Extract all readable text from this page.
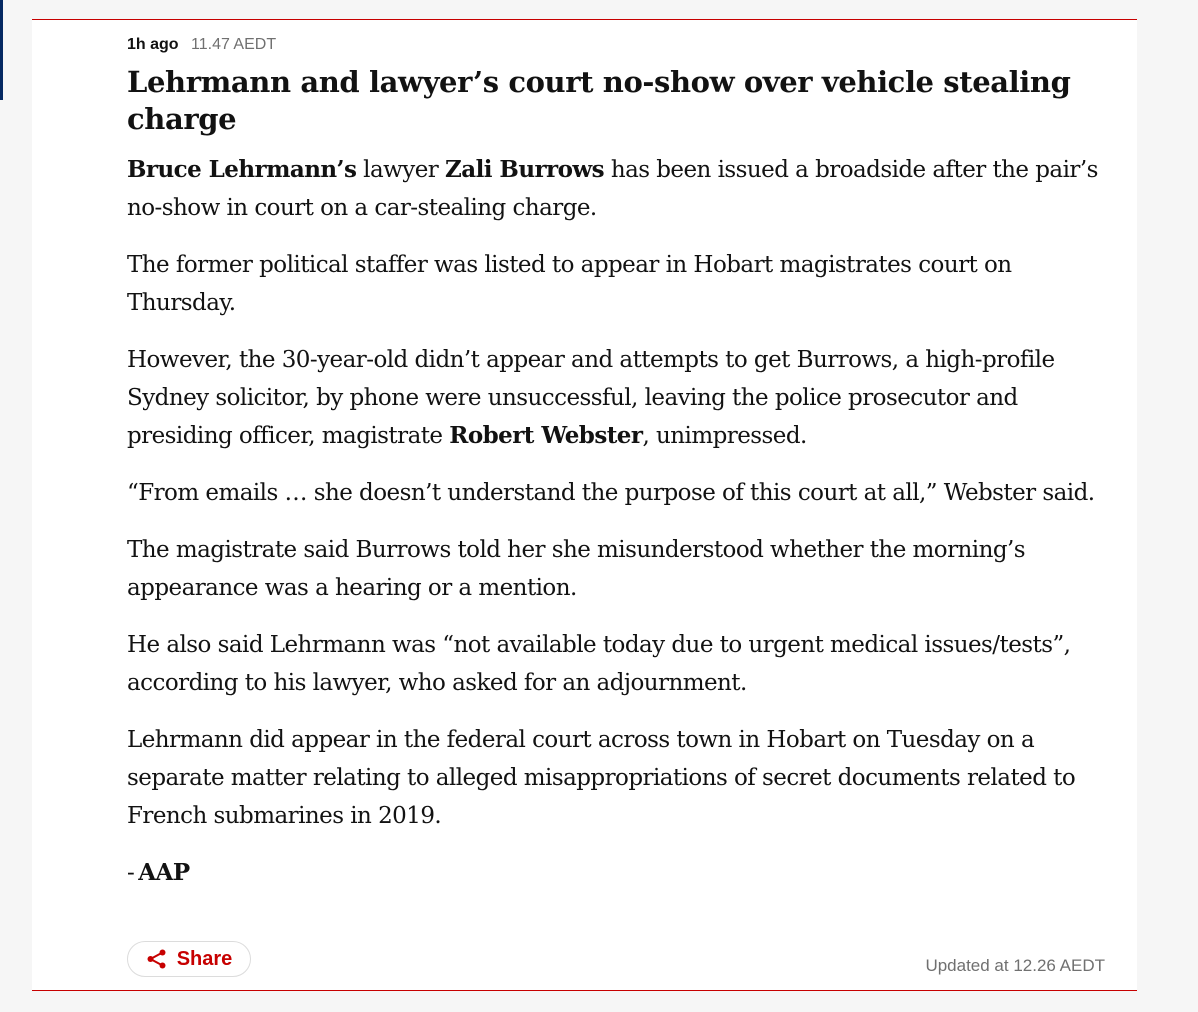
1h ago 11.47 AEDT
Lehrmann and lawyer’s court no-show over vehicle stealing charge

Bruce Lehrmann’s lawyer Zali Burrows has been issued a broadside after the pair’s no-show in court on a car-stealing charge.

The former political staffer was listed to appear in Hobart magistrates court on Thursday.

However, the 30-year-old didn’t appear and attempts to get Burrows, a high-profile Sydney solicitor, by phone were unsuccessful, leaving the police prosecutor and presiding officer, magistrate Robert Webster, unimpressed.

“From emails … she doesn’t understand the purpose of this court at all,” Webster said.

The magistrate said Burrows told her she misunderstood whether the morning’s appearance was a hearing or a mention.

He also said Lehrmann was “not available today due to urgent medical issues/tests”, according to his lawyer, who asked for an adjournment.

Lehrmann did appear in the federal court across town in Hobart on Tuesday on a separate matter relating to alleged misappropriations of secret documents related to French submarines in 2019.

- AAP

Share	Updated at 12.26 AEDT
